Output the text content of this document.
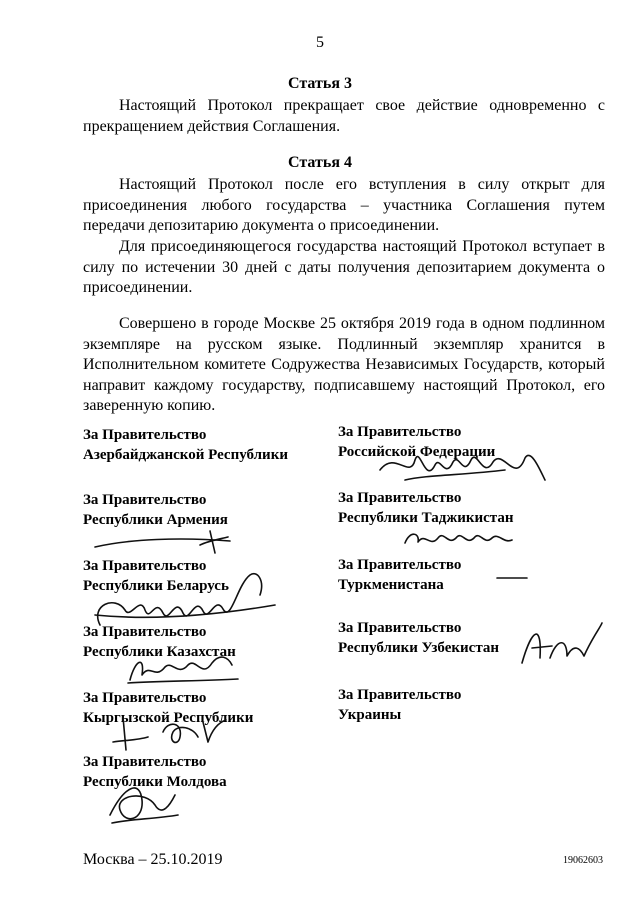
5
Статья 3

Настоящий Протокол прекращает свое действие одновременно с прекращением действия Соглашения.

Статья 4

Настоящий Протокол после его вступления в силу открыт для присоединения любого государства – участника Соглашения путем передачи депозитарию документа о присоединении.

Для присоединяющегося государства настоящий Протокол вступает в силу по истечении 30 дней с даты получения депозитарием документа о присоединении.

Совершено в городе Москве 25 октября 2019 года в одном подлинном экземпляре на русском языке. Подлинный экземпляр хранится в Исполнительном комитете Содружества Независимых Государств, который направит каждому государству, подписавшему настоящий Протокол, его заверенную копию.

За Правительство
Азербайджанской Республики
За Правительство
Республики Армения
За Правительство
Республики Беларусь
За Правительство
Республики Казахстан
За Правительство
Кыргызской Республики
За Правительство
Республики Молдова
За Правительство
Российской Федерации
За Правительство
Республики Таджикистан
За Правительство
Туркменистана
За Правительство
Республики Узбекистан
За Правительство
Украины
Москва – 25.10.2019	19062603
